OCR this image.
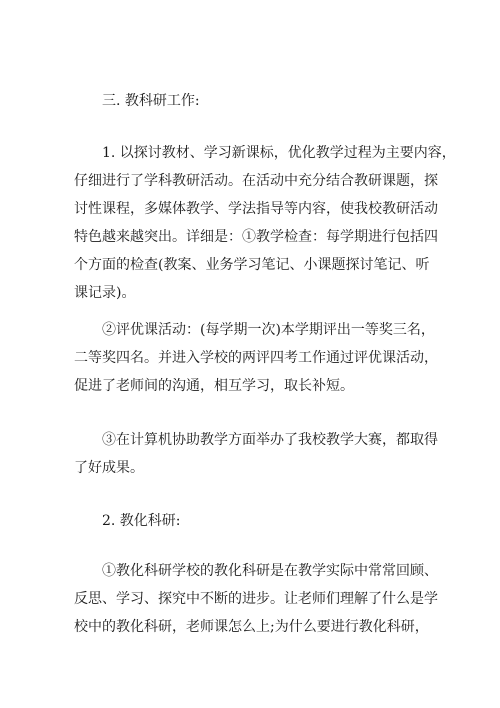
三. 教科研工作:
1. 以探讨教材、学习新课标，优化教学过程为主要内容，
仔细进行了学科教研活动。在活动中充分结合教研课题，探
讨性课程，多媒体教学、学法指导等内容，使我校教研活动
特色越来越突出。详细是：①教学检查：每学期进行包括四
个方面的检查(教案、业务学习笔记、小课题探讨笔记、听
课记录)。
②评优课活动：(每学期一次)本学期评出一等奖三名，
二等奖四名。并进入学校的两评四考工作通过评优课活动，
促进了老师间的沟通，相互学习，取长补短。
③在计算机协助教学方面举办了我校教学大赛，都取得
了好成果。
2. 教化科研:
①教化科研学校的教化科研是在教学实际中常常回顾、
反思、学习、探究中不断的进步。让老师们理解了什么是学
校中的教化科研，老师课怎么上;为什么要进行教化科研，
